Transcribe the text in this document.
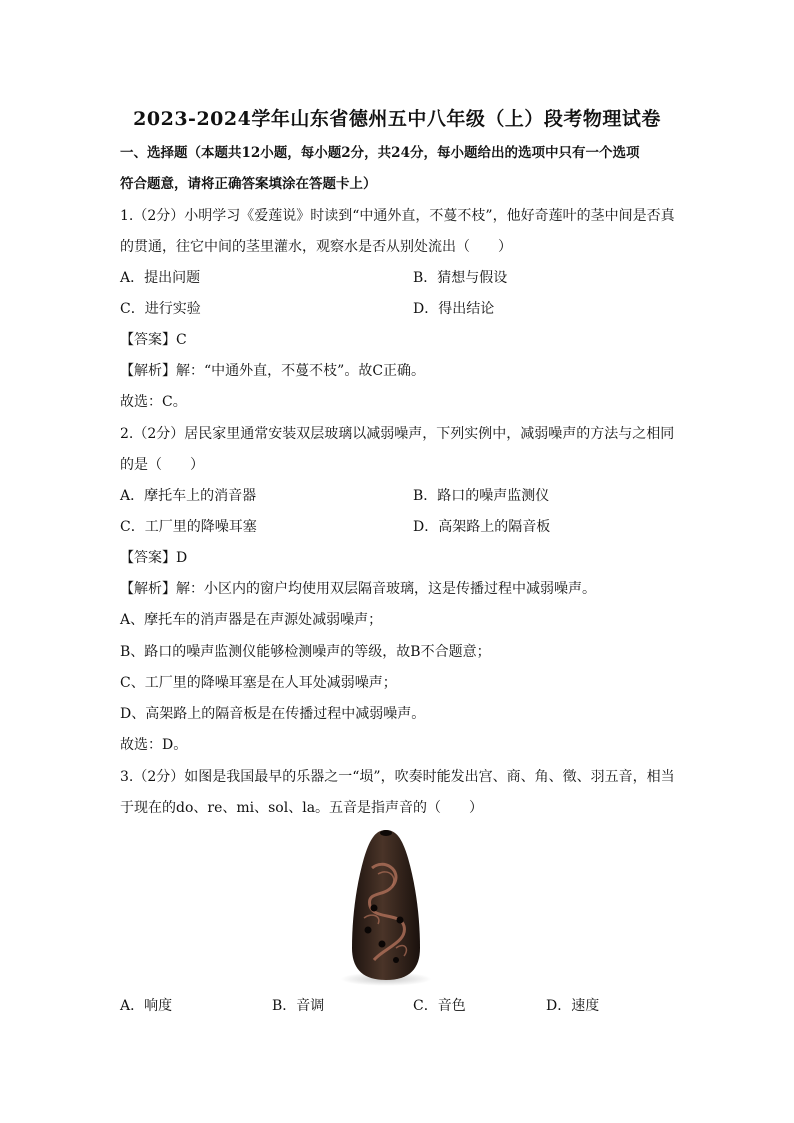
2023-2024学年山东省德州五中八年级（上）段考物理试卷
一、选择题（本题共12小题，每小题2分，共24分，每小题给出的选项中只有一个选项
符合题意，请将正确答案填涂在答题卡上）
1.（2分）小明学习《爱莲说》时读到“中通外直，不蔓不枝”，他好奇莲叶的茎中间是否真
的贯通，往它中间的茎里灌水，观察水是否从别处流出（　　）
A．提出问题	B．猜想与假设
C．进行实验	D．得出结论
【答案】C
【解析】解：“中通外直，不蔓不枝”。故C正确。
故选：C。
2.（2分）居民家里通常安装双层玻璃以减弱噪声，下列实例中，减弱噪声的方法与之相同
的是（　　）
A．摩托车上的消音器	B．路口的噪声监测仪
C．工厂里的降噪耳塞	D．高架路上的隔音板
【答案】D
【解析】解：小区内的窗户均使用双层隔音玻璃，这是传播过程中减弱噪声。
A、摩托车的消声器是在声源处减弱噪声；
B、路口的噪声监测仪能够检测噪声的等级，故B不合题意；
C、工厂里的降噪耳塞是在人耳处减弱噪声；
D、高架路上的隔音板是在传播过程中减弱噪声。
故选：D。
3.（2分）如图是我国最早的乐器之一“埙”，吹奏时能发出宫、商、角、徵、羽五音，相当
于现在的do、re、mi、sol、la。五音是指声音的（　　）
A．响度	B．音调	C．音色	D．速度
